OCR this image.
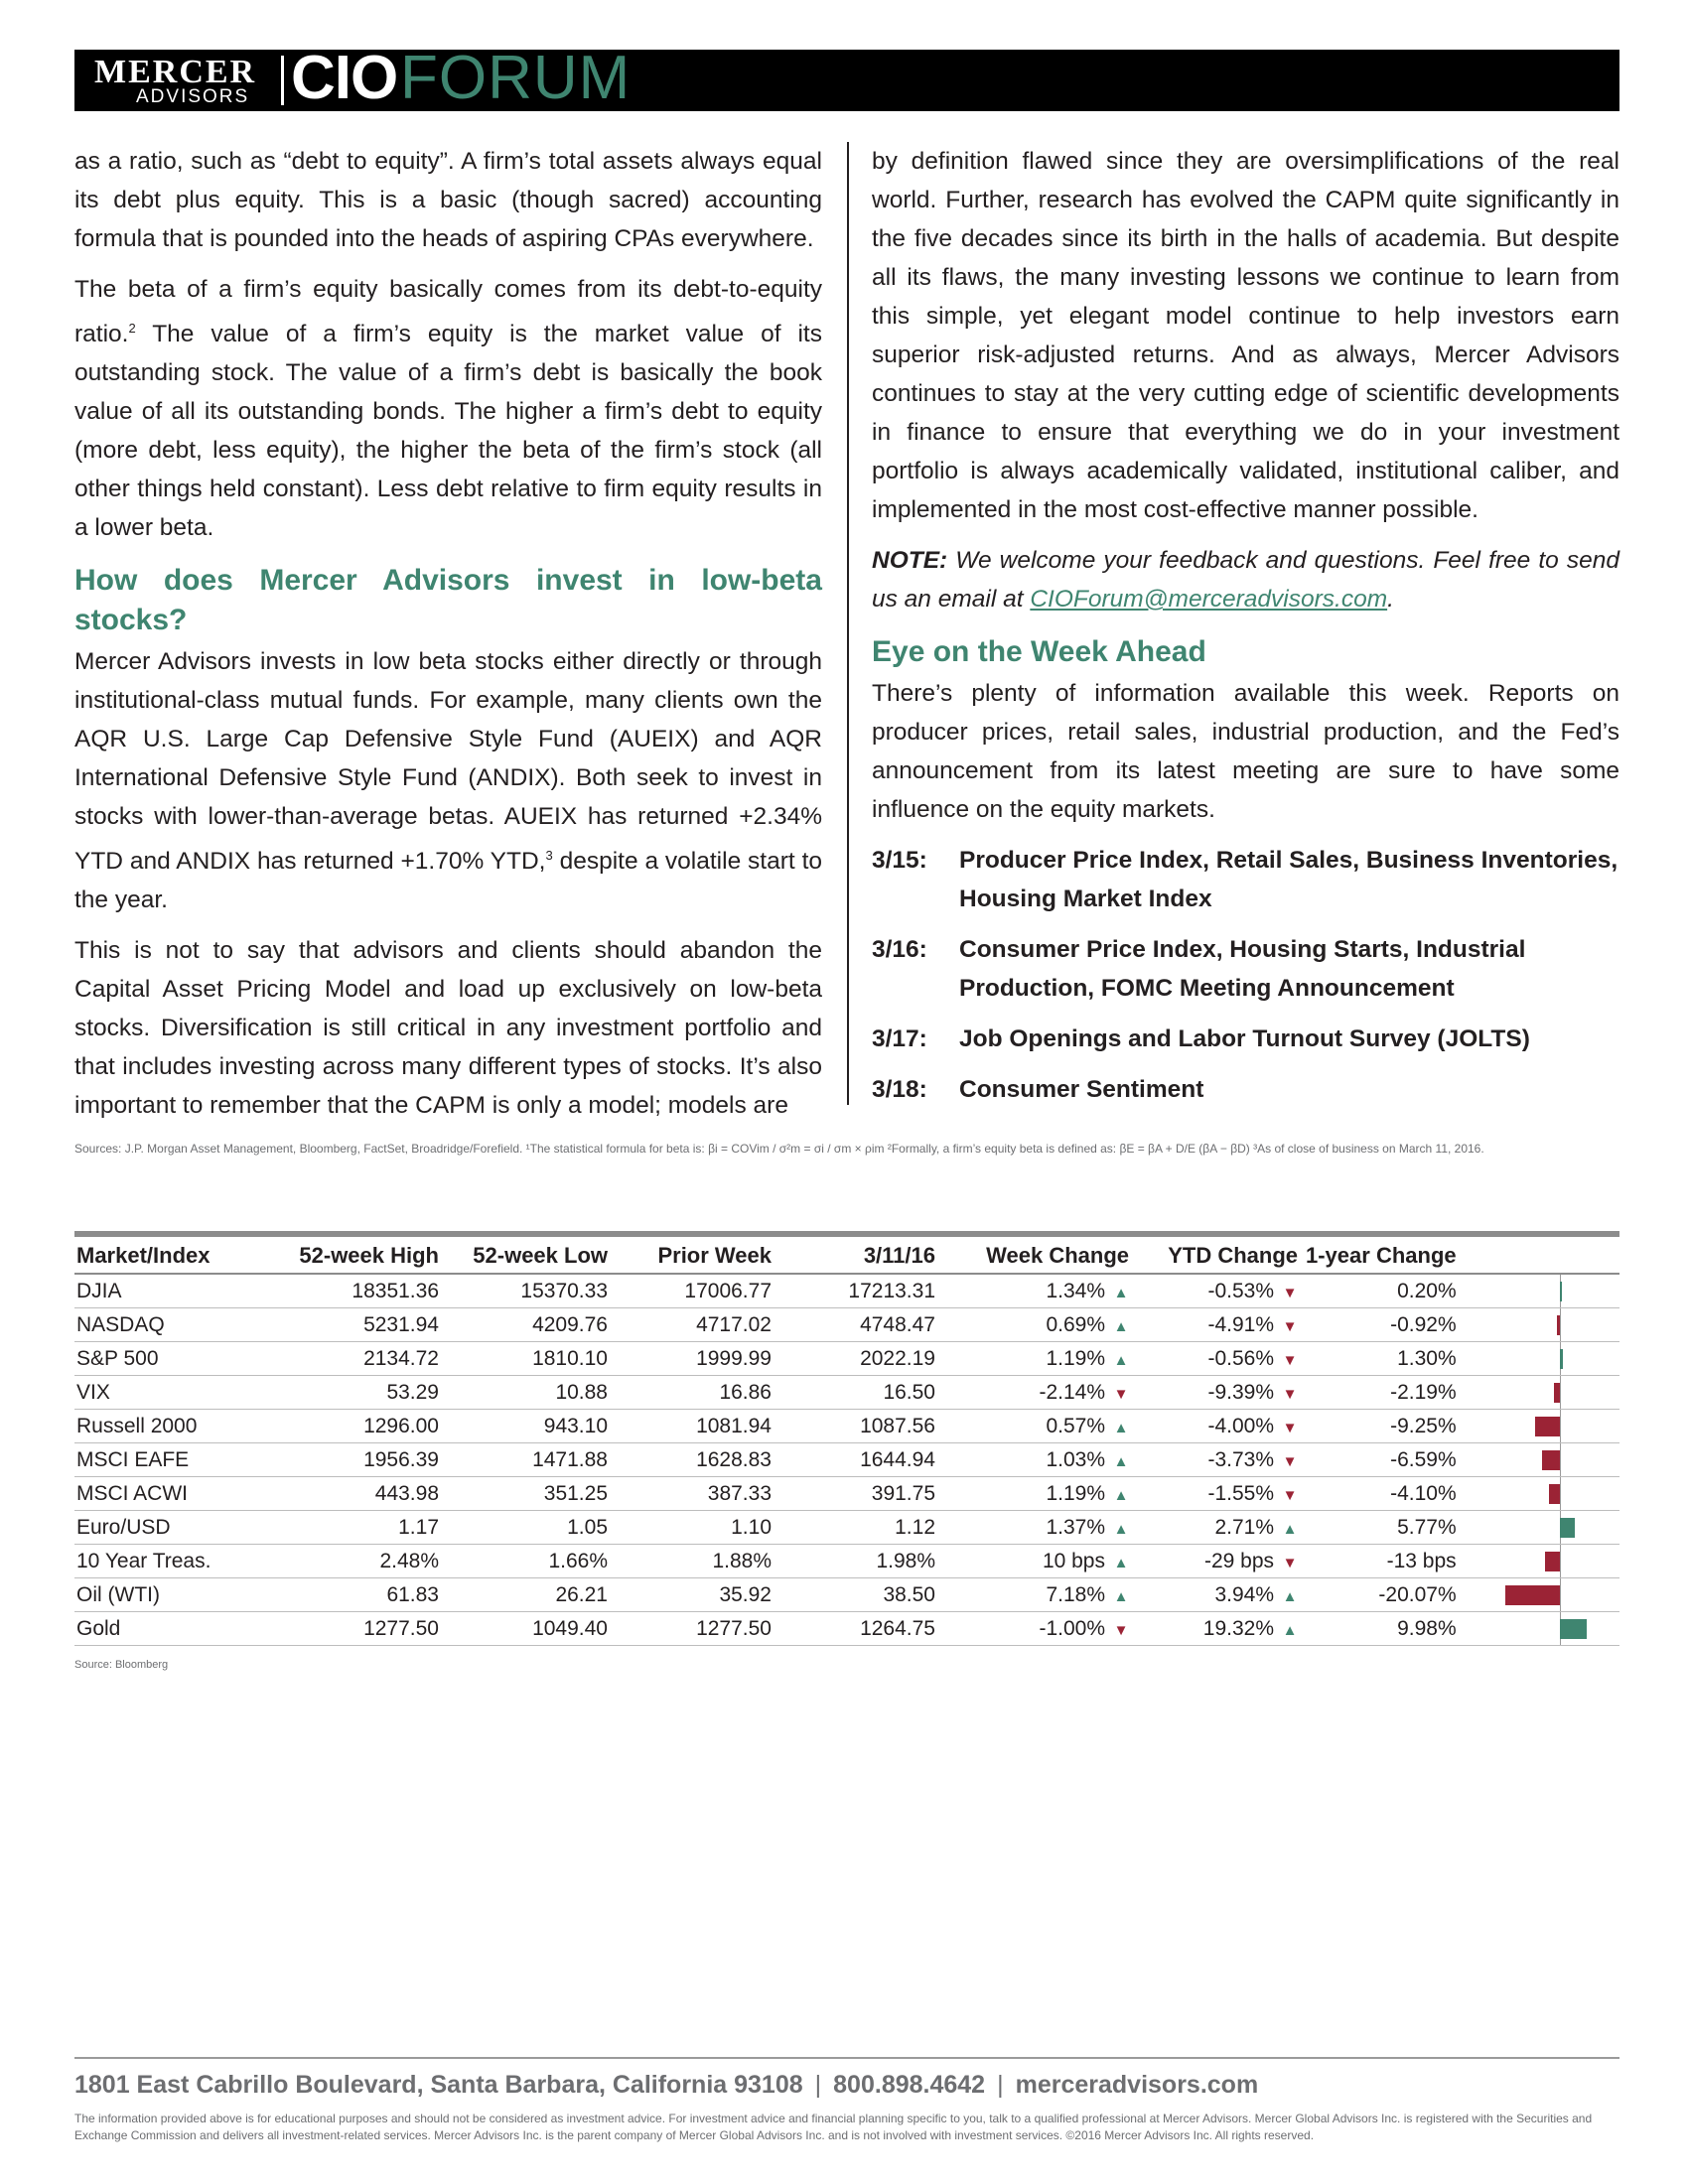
MERCER
ADVISORS CIO FORUM

as a ratio, such as “debt to equity”. A firm’s total assets always equal its debt plus equity. This is a basic (though sacred) accounting formula that is pounded into the heads of aspiring CPAs everywhere.

The beta of a firm’s equity basically comes from its debt-to-equity ratio.$^2$ The value of a firm’s equity is the market value of its outstanding stock. The value of a firm’s debt is basically the book value of all its outstanding bonds. The higher a firm’s debt to equity (more debt, less equity), the higher the beta of the firm’s stock (all other things held constant). Less debt relative to firm equity results in a lower beta.

How does Mercer Advisors invest in low-beta stocks?

Mercer Advisors invests in low beta stocks either directly or through institutional-class mutual funds. For example, many clients own the AQR U.S. Large Cap Defensive Style Fund (AUEIX) and AQR International Defensive Style Fund (ANDIX). Both seek to invest in stocks with lower-than-average betas. AUEIX has returned +2.34% YTD and ANDIX has returned +1.70% YTD,$^3$ despite a volatile start to the year.

This is not to say that advisors and clients should abandon the Capital Asset Pricing Model and load up exclusively on low-beta stocks. Diversification is still critical in any investment portfolio and that includes investing across many different types of stocks. It’s also important to remember that the CAPM is only a model; models are

by definition flawed since they are oversimplifications of the real world. Further, research has evolved the CAPM quite significantly in the five decades since its birth in the halls of academia. But despite all its flaws, the many investing lessons we continue to learn from this simple, yet elegant model continue to help investors earn superior risk-adjusted returns. And as always, Mercer Advisors continues to stay at the very cutting edge of scientific developments in finance to ensure that everything we do in your investment portfolio is always academically validated, institutional caliber, and implemented in the most cost-effective manner possible.

NOTE: We welcome your feedback and questions. Feel free to send us an email at CIOForum@merceradvisors.com.

Eye on the Week Ahead

There’s plenty of information available this week. Reports on producer prices, retail sales, industrial production, and the Fed’s announcement from its latest meeting are sure to have some influence on the equity markets.

3/15:	Producer Price Index, Retail Sales, Business Inventories, Housing Market Index
3/16:	Consumer Price Index, Housing Starts, Industrial Production, FOMC Meeting Announcement
3/17:	Job Openings and Labor Turnout Survey (JOLTS)
3/18:	Consumer Sentiment
Sources: J.P. Morgan Asset Management, Bloomberg, FactSet, Broadridge/Forefield. ¹The statistical formula for beta is: βi = COVim / σ²m = σi / σm × ρim ²Formally, a firm’s equity beta is defined as: βE = βA + D/E (βA − βD) ³As of close of business on March 11, 2016.
Market/Index	52-week High	52-week Low	Prior Week	3/11/16	Week Change	YTD Change	1-year Change	
DJIA	18351.36	15370.33	17006.77	17213.31	1.34% ▲	-0.53% ▼	0.20%	

NASDAQ	5231.94	4209.76	4717.02	4748.47	0.69% ▲	-4.91% ▼	-0.92%	

S&P 500	2134.72	1810.10	1999.99	2022.19	1.19% ▲	-0.56% ▼	1.30%	

VIX	53.29	10.88	16.86	16.50	-2.14% ▼	-9.39% ▼	-2.19%	

Russell 2000	1296.00	943.10	1081.94	1087.56	0.57% ▲	-4.00% ▼	-9.25%	

MSCI EAFE	1956.39	1471.88	1628.83	1644.94	1.03% ▲	-3.73% ▼	-6.59%	

MSCI ACWI	443.98	351.25	387.33	391.75	1.19% ▲	-1.55% ▼	-4.10%	

Euro/USD	1.17	1.05	1.10	1.12	1.37% ▲	2.71% ▲	5.77%	

10 Year Treas.	2.48%	1.66%	1.88%	1.98%	10 bps ▲	-29 bps ▼	-13 bps	

Oil (WTI)	61.83	26.21	35.92	38.50	7.18% ▲	3.94% ▲	-20.07%	

Gold	1277.50	1049.40	1277.50	1264.75	-1.00% ▼	19.32% ▲	9.98%	
Source: Bloomberg
1801 East Cabrillo Boulevard, Santa Barbara, California 93108 | 800.898.4642 | merceradvisors.com
The information provided above is for educational purposes and should not be considered as investment advice. For investment advice and financial planning specific to you, talk to a qualified professional at Mercer Advisors. Mercer Global Advisors Inc. is registered with the Securities and Exchange Commission and delivers all investment-related services. Mercer Advisors Inc. is the parent company of Mercer Global Advisors Inc. and is not involved with investment services. ©2016 Mercer Advisors Inc. All rights reserved.
